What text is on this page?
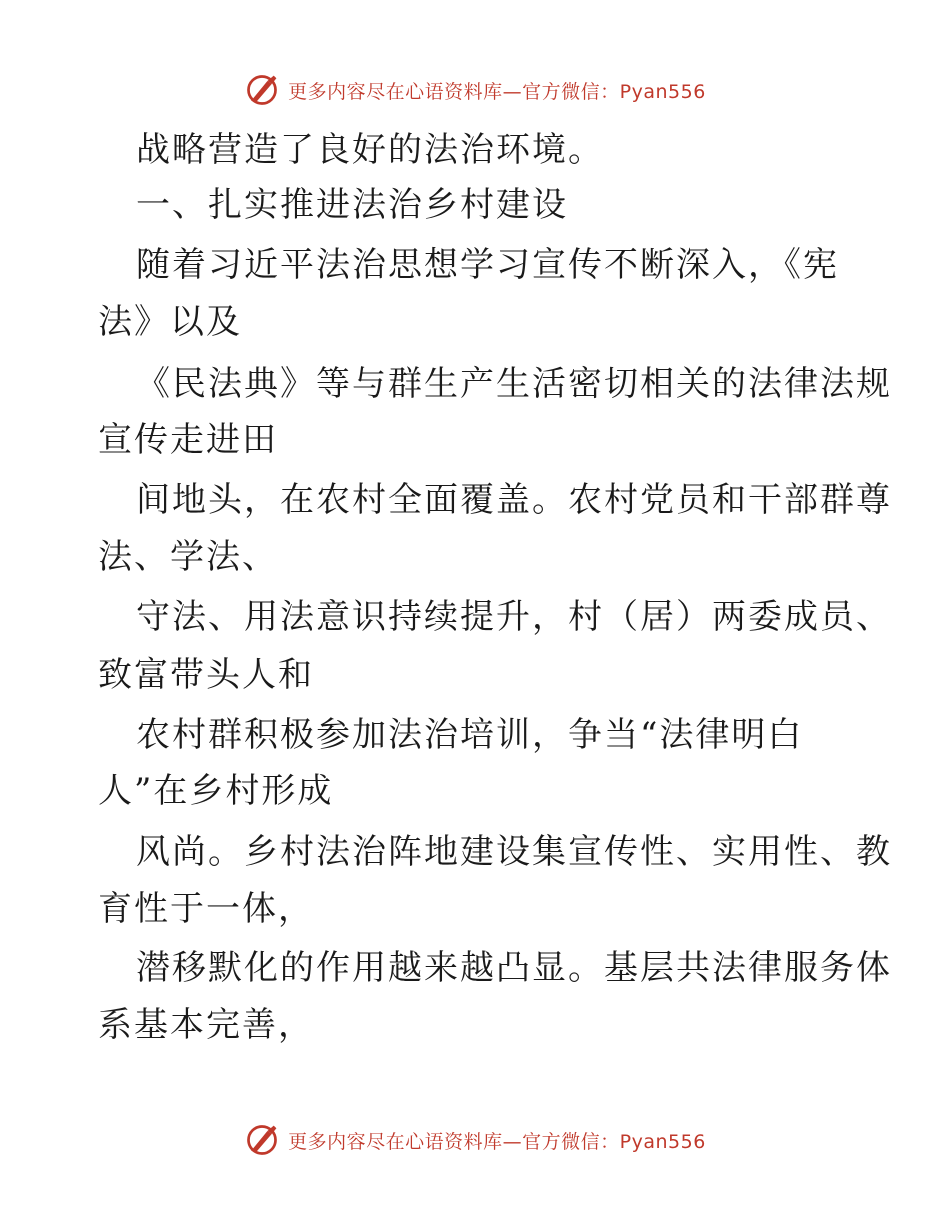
更多内容尽在心语资料库—官方微信：Pyan556
战略营造了良好的法治环境。
一、扎实推进法治乡村建设
随着习近平法治思想学习宣传不断深入，《宪
法》以及
《民法典》等与群生产生活密切相关的法律法规
宣传走进田
间地头，在农村全面覆盖。农村党员和干部群尊
法、学法、
守法、用法意识持续提升，村（居）两委成员、
致富带头人和
农村群积极参加法治培训，争当“法律明白
人”在乡村形成
风尚。乡村法治阵地建设集宣传性、实用性、教
育性于一体，
潜移默化的作用越来越凸显。基层共法律服务体
系基本完善，
更多内容尽在心语资料库—官方微信：Pyan556
